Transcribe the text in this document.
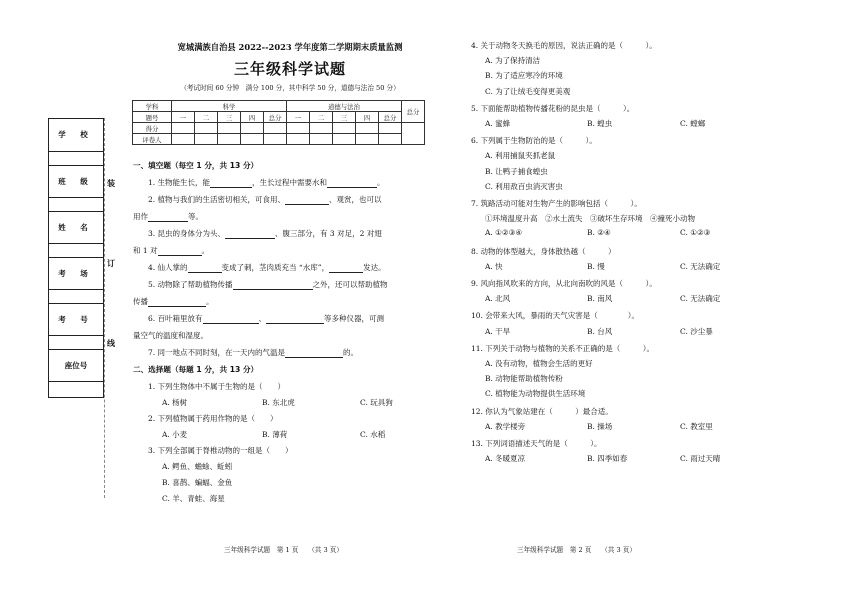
学 校
班 级
姓 名
考 场
考 号
座位号
装
订
线
宽城满族自治县 2022--2023 学年度第二学期期末质量监测
三年级科学试题
（考试时间 60 分钟　满分 100 分，其中科学 50 分，道德与法治 50 分）
学科	科学					道德与法治					总分
题号	一	二	三	四	总分	一	二	三	四	总分	
得分											
评卷人											
一、填空题（每空 1 分，共 13 分）
1. 生物能生长，能	，生长过程中需要水和	。
2. 植物与我们的生活密切相关，可食用、	、观赏，也可以
用作	等。
3. 昆虫的身体分为头、	、腹三部分，有 3 对足，2 对翅
和 1 对	。
4. 仙人掌的	变成了刺，茎肉质充当 “水库”，	发达。
5. 动物除了帮助植物传播	之外，还可以帮助植物
传播	。
6. 百叶箱里放有	、	等多种仪器，可测
量空气的温度和湿度。
7. 同一地点不同时刻，在一天内的气温是	的。
二、选择题（每题 1 分，共 13 分）
1. 下列生物体中不属于生物的是（　　）
A. 杨树	B. 东北虎	C. 玩具狗
2. 下列植物属于药用作物的是（　　）
A. 小麦	B. 薄荷	C. 水稻
3. 下列全部属于脊椎动物的一组是（　　）
A. 鳄鱼、蟾蜍、蚯蚓
B. 喜鹊、蝙蝠、金鱼
C. 羊、青蛙、海星
4. 关于动物冬天换毛的原因，说法正确的是（　　　）。
A. 为了保持清洁
B. 为了适应寒冷的环境
C. 为了让绒毛变得更美观
5. 下面能帮助植物传播花粉的昆虫是（　　　）。
A. 蜜蜂	B. 蝗虫	C. 螳螂
6. 下列属于生物防治的是（　　　）。
A. 利用捕鼠夹抓老鼠
B. 让鸭子捕食蝗虫
C. 利用敌百虫消灭害虫
7. 筑路活动可能对生物产生的影响包括（　　　）。
①环境温度升高　②水土流失　③破坏生存环境　④撞死小动物
A. ①②③④	B. ②④	C. ①②③
8. 动物的体型越大，身体散热越（　　　）
A. 快	B. 慢	C. 无法确定
9. 风向指风吹来的方向，从北向南吹的风是（　　　）。
A. 北风	B. 南风	C. 无法确定
10. 会带来大风，暴雨的天气灾害是（　　　　）。
A. 干旱	B. 台风	C. 沙尘暴
11. 下列关于动物与植物的关系不正确的是（　　　）。
A. 没有动物，植物会生活的更好
B. 动物能帮助植物传粉
C. 植物能为动物提供生活环境
12. 你认为气象站建在（　　　）最合适。
A. 教学楼旁	B. 操场	C. 教室里
13. 下列词语描述天气的是（　　　）。
A. 冬暖夏凉	B. 四季如春	C. 雨过天晴
三年级科学试题　第 1 页　　（共 3 页）	三年级科学试题　第 2 页　　（共 3 页）
